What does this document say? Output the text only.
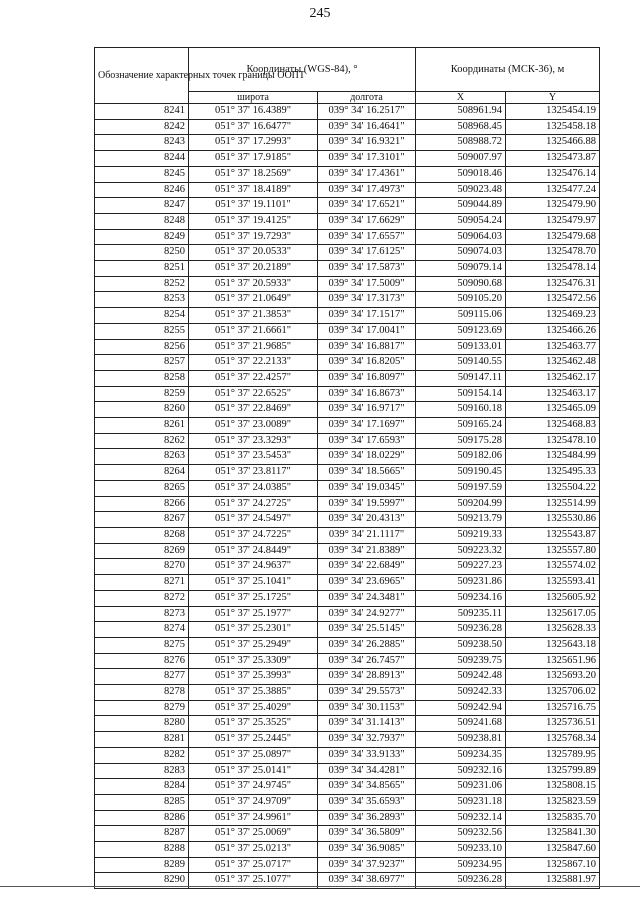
245
Обозначение характерных точек границы ООПТ	Координаты (WGS-84), °		Координаты (МСК-36), м	
	широта	долгота	X	Y
8241	051° 37' 16.4389"	039° 34' 16.2517"	508961.94	1325454.19
8242	051° 37' 16.6477"	039° 34' 16.4641"	508968.45	1325458.18
8243	051° 37' 17.2993"	039° 34' 16.9321"	508988.72	1325466.88
8244	051° 37' 17.9185"	039° 34' 17.3101"	509007.97	1325473.87
8245	051° 37' 18.2569"	039° 34' 17.4361"	509018.46	1325476.14
8246	051° 37' 18.4189"	039° 34' 17.4973"	509023.48	1325477.24
8247	051° 37' 19.1101"	039° 34' 17.6521"	509044.89	1325479.90
8248	051° 37' 19.4125"	039° 34' 17.6629"	509054.24	1325479.97
8249	051° 37' 19.7293"	039° 34' 17.6557"	509064.03	1325479.68
8250	051° 37' 20.0533"	039° 34' 17.6125"	509074.03	1325478.70
8251	051° 37' 20.2189"	039° 34' 17.5873"	509079.14	1325478.14
8252	051° 37' 20.5933"	039° 34' 17.5009"	509090.68	1325476.31
8253	051° 37' 21.0649"	039° 34' 17.3173"	509105.20	1325472.56
8254	051° 37' 21.3853"	039° 34' 17.1517"	509115.06	1325469.23
8255	051° 37' 21.6661"	039° 34' 17.0041"	509123.69	1325466.26
8256	051° 37' 21.9685"	039° 34' 16.8817"	509133.01	1325463.77
8257	051° 37' 22.2133"	039° 34' 16.8205"	509140.55	1325462.48
8258	051° 37' 22.4257"	039° 34' 16.8097"	509147.11	1325462.17
8259	051° 37' 22.6525"	039° 34' 16.8673"	509154.14	1325463.17
8260	051° 37' 22.8469"	039° 34' 16.9717"	509160.18	1325465.09
8261	051° 37' 23.0089"	039° 34' 17.1697"	509165.24	1325468.83
8262	051° 37' 23.3293"	039° 34' 17.6593"	509175.28	1325478.10
8263	051° 37' 23.5453"	039° 34' 18.0229"	509182.06	1325484.99
8264	051° 37' 23.8117"	039° 34' 18.5665"	509190.45	1325495.33
8265	051° 37' 24.0385"	039° 34' 19.0345"	509197.59	1325504.22
8266	051° 37' 24.2725"	039° 34' 19.5997"	509204.99	1325514.99
8267	051° 37' 24.5497"	039° 34' 20.4313"	509213.79	1325530.86
8268	051° 37' 24.7225"	039° 34' 21.1117"	509219.33	1325543.87
8269	051° 37' 24.8449"	039° 34' 21.8389"	509223.32	1325557.80
8270	051° 37' 24.9637"	039° 34' 22.6849"	509227.23	1325574.02
8271	051° 37' 25.1041"	039° 34' 23.6965"	509231.86	1325593.41
8272	051° 37' 25.1725"	039° 34' 24.3481"	509234.16	1325605.92
8273	051° 37' 25.1977"	039° 34' 24.9277"	509235.11	1325617.05
8274	051° 37' 25.2301"	039° 34' 25.5145"	509236.28	1325628.33
8275	051° 37' 25.2949"	039° 34' 26.2885"	509238.50	1325643.18
8276	051° 37' 25.3309"	039° 34' 26.7457"	509239.75	1325651.96
8277	051° 37' 25.3993"	039° 34' 28.8913"	509242.48	1325693.20
8278	051° 37' 25.3885"	039° 34' 29.5573"	509242.33	1325706.02
8279	051° 37' 25.4029"	039° 34' 30.1153"	509242.94	1325716.75
8280	051° 37' 25.3525"	039° 34' 31.1413"	509241.68	1325736.51
8281	051° 37' 25.2445"	039° 34' 32.7937"	509238.81	1325768.34
8282	051° 37' 25.0897"	039° 34' 33.9133"	509234.35	1325789.95
8283	051° 37' 25.0141"	039° 34' 34.4281"	509232.16	1325799.89
8284	051° 37' 24.9745"	039° 34' 34.8565"	509231.06	1325808.15
8285	051° 37' 24.9709"	039° 34' 35.6593"	509231.18	1325823.59
8286	051° 37' 24.9961"	039° 34' 36.2893"	509232.14	1325835.70
8287	051° 37' 25.0069"	039° 34' 36.5809"	509232.56	1325841.30
8288	051° 37' 25.0213"	039° 34' 36.9085"	509233.10	1325847.60
8289	051° 37' 25.0717"	039° 34' 37.9237"	509234.95	1325867.10
8290	051° 37' 25.1077"	039° 34' 38.6977"	509236.28	1325881.97
